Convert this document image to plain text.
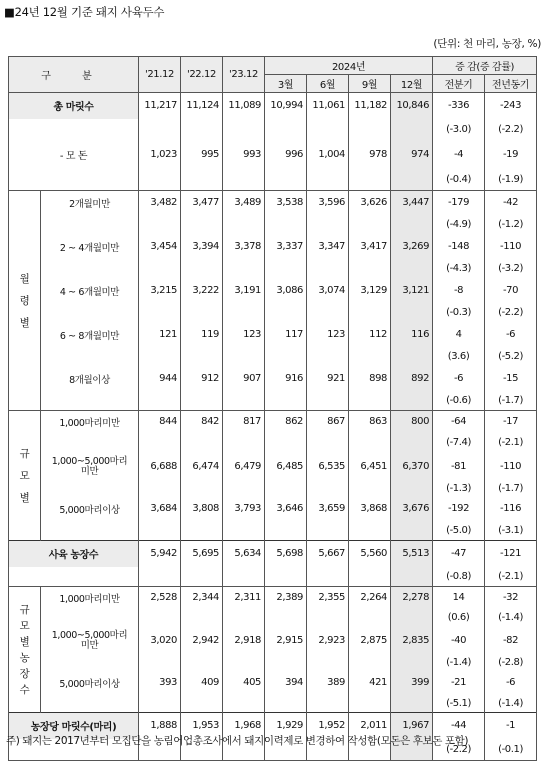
■24년 12월 기준 돼지 사육두수
(단위: 천 마리, 농장, %)
구 분		'21.12	'22.12	'23.12	2024년				증 감(증 감률)	
					3월	6월	9월	12월	전분기	전년동기
총 마릿수		11,217	11,124	11,089	10,994	11,061	11,182	10,846	-336	-243
									(-3.0)	(-2.2)
- 모 돈		1,023	995	993	996	1,004	978	974	-4	-19
									(-0.4)	(-1.9)
월 령 별	2개월미만	3,482	3,477	3,489	3,538	3,596	3,626	3,447	-179	-42
									(-4.9)	(-1.2)
	2 ~ 4개월미만	3,454	3,394	3,378	3,337	3,347	3,417	3,269	-148	-110
									(-4.3)	(-3.2)
	4 ~ 6개월미만	3,215	3,222	3,191	3,086	3,074	3,129	3,121	-8	-70
									(-0.3)	(-2.2)
	6 ~ 8개월미만	121	119	123	117	123	112	116	4	-6
									(3.6)	(-5.2)
	8개월이상	944	912	907	916	921	898	892	-6	-15
									(-0.6)	(-1.7)
규 모 별	1,000마리미만	844	842	817	862	867	863	800	-64	-17
									(-7.4)	(-2.1)
	1,000~5,000마리
미만	6,688	6,474	6,479	6,485	6,535	6,451	6,370	-81	-110
									(-1.3)	(-1.7)
	5,000마리이상	3,684	3,808	3,793	3,646	3,659	3,868	3,676	-192	-116
									(-5.0)	(-3.1)
사육 농장수		5,942	5,695	5,634	5,698	5,667	5,560	5,513	-47	-121
									(-0.8)	(-2.1)
규 모 별 농 장 수	1,000마리미만	2,528	2,344	2,311	2,389	2,355	2,264	2,278	14	-32
									(0.6)	(-1.4)
	1,000~5,000마리
미만	3,020	2,942	2,918	2,915	2,923	2,875	2,835	-40	-82
									(-1.4)	(-2.8)
	5,000마리이상	393	409	405	394	389	421	399	-21	-6
									(-5.1)	(-1.4)
농장당 마릿수(마리)		1,888	1,953	1,968	1,929	1,952	2,011	1,967	-44	-1
									(-2.2)	(-0.1)
주) 돼지는 2017년부터 모집단을 농림어업총조사에서 돼지이력제로 변경하여 작성함(모돈은 후보돈 포함)
